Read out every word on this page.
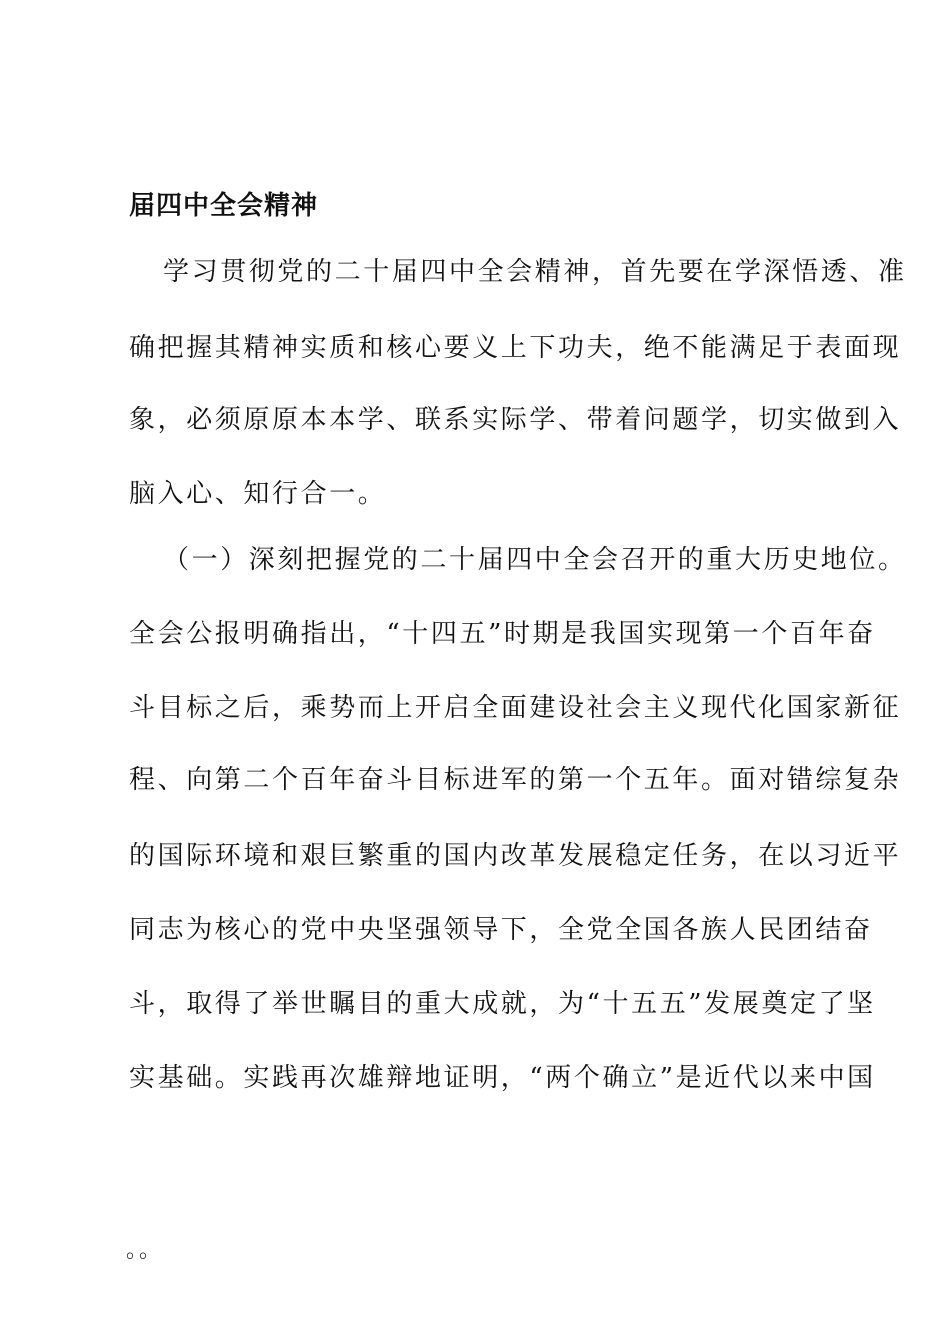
届四中全会精神
学习贯彻党的二十届四中全会精神，首先要在学深悟透、准
确把握其精神实质和核心要义上下功夫，绝不能满足于表面现
象，必须原原本本学、联系实际学、带着问题学，切实做到入
脑入心、知行合一。
（一）深刻把握党的二十届四中全会召开的重大历史地位。
全会公报明确指出，“十四五”时期是我国实现第一个百年奋
斗目标之后，乘势而上开启全面建设社会主义现代化国家新征
程、向第二个百年奋斗目标进军的第一个五年。面对错综复杂
的国际环境和艰巨繁重的国内改革发展稳定任务，在以习近平
同志为核心的党中央坚强领导下，全党全国各族人民团结奋
斗，取得了举世瞩目的重大成就，为“十五五”发展奠定了坚
实基础。实践再次雄辩地证明，“两个确立”是近代以来中国
。。
